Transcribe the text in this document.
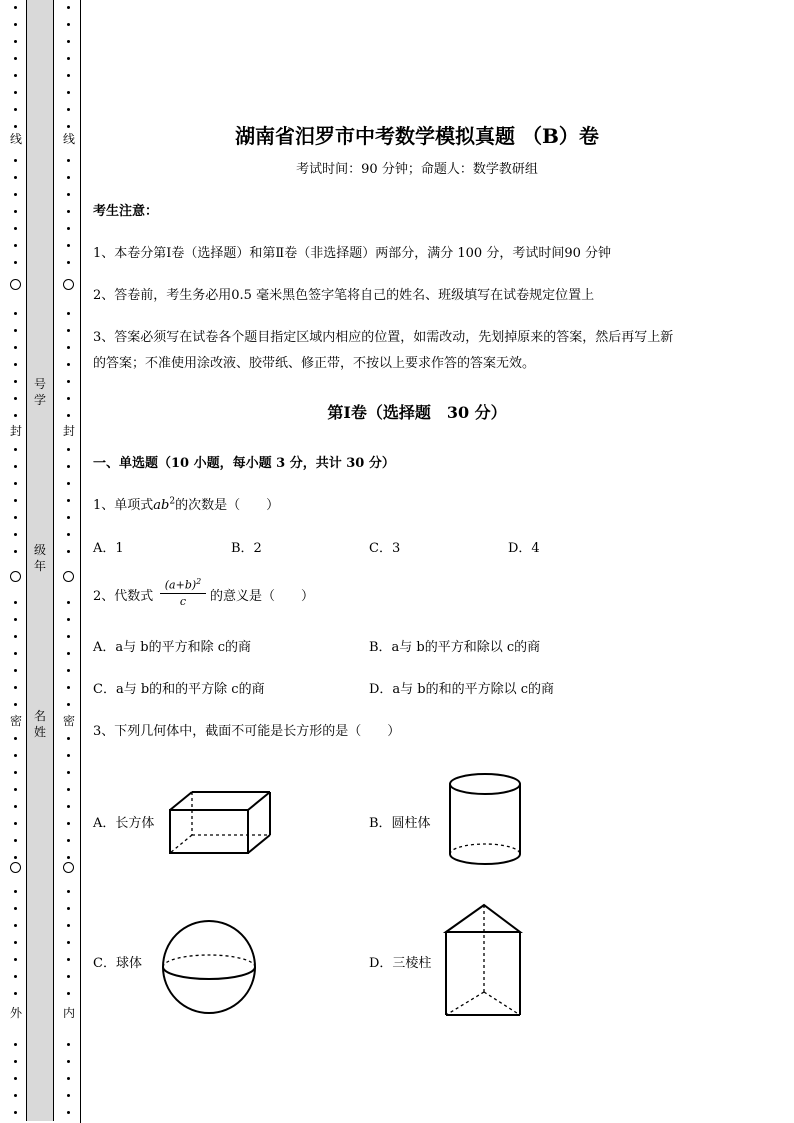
线
封
密
外
号学
级年
名姓
线
封
密
内
湖南省汨罗市中考数学模拟真题 （B）卷
考试时间：90 分钟；命题人：数学教研组
考生注意：
1、本卷分第Ⅰ卷（选择题）和第Ⅱ卷（非选择题）两部分，满分 100 分，考试时间90 分钟
2、答卷前，考生务必用0.5 毫米黑色签字笔将自己的姓名、班级填写在试卷规定位置上
3、答案必须写在试卷各个题目指定区域内相应的位置，如需改动，先划掉原来的答案，然后再写上新
的答案；不准使用涂改液、胶带纸、修正带，不按以上要求作答的答案无效。
第Ⅰ卷（选择题　30 分）
一、单选题（10 小题，每小题 3 分，共计 30 分）
1、单项式$ab^2$的次数是（　　）
A．1	B．2	C．3	D．4
2、代数式 $\frac{(a+b)^2}{c}$ 的意义是（　　）
A．a与 b的平方和除 c的商	B．a与 b的平方和除以 c的商
C．a与 b的和的平方除 c的商	D．a与 b的和的平方除以 c的商
3、下列几何体中，截面不可能是长方形的是（　　）
A．长方体	B．圆柱体
C．球体	D．三棱柱
